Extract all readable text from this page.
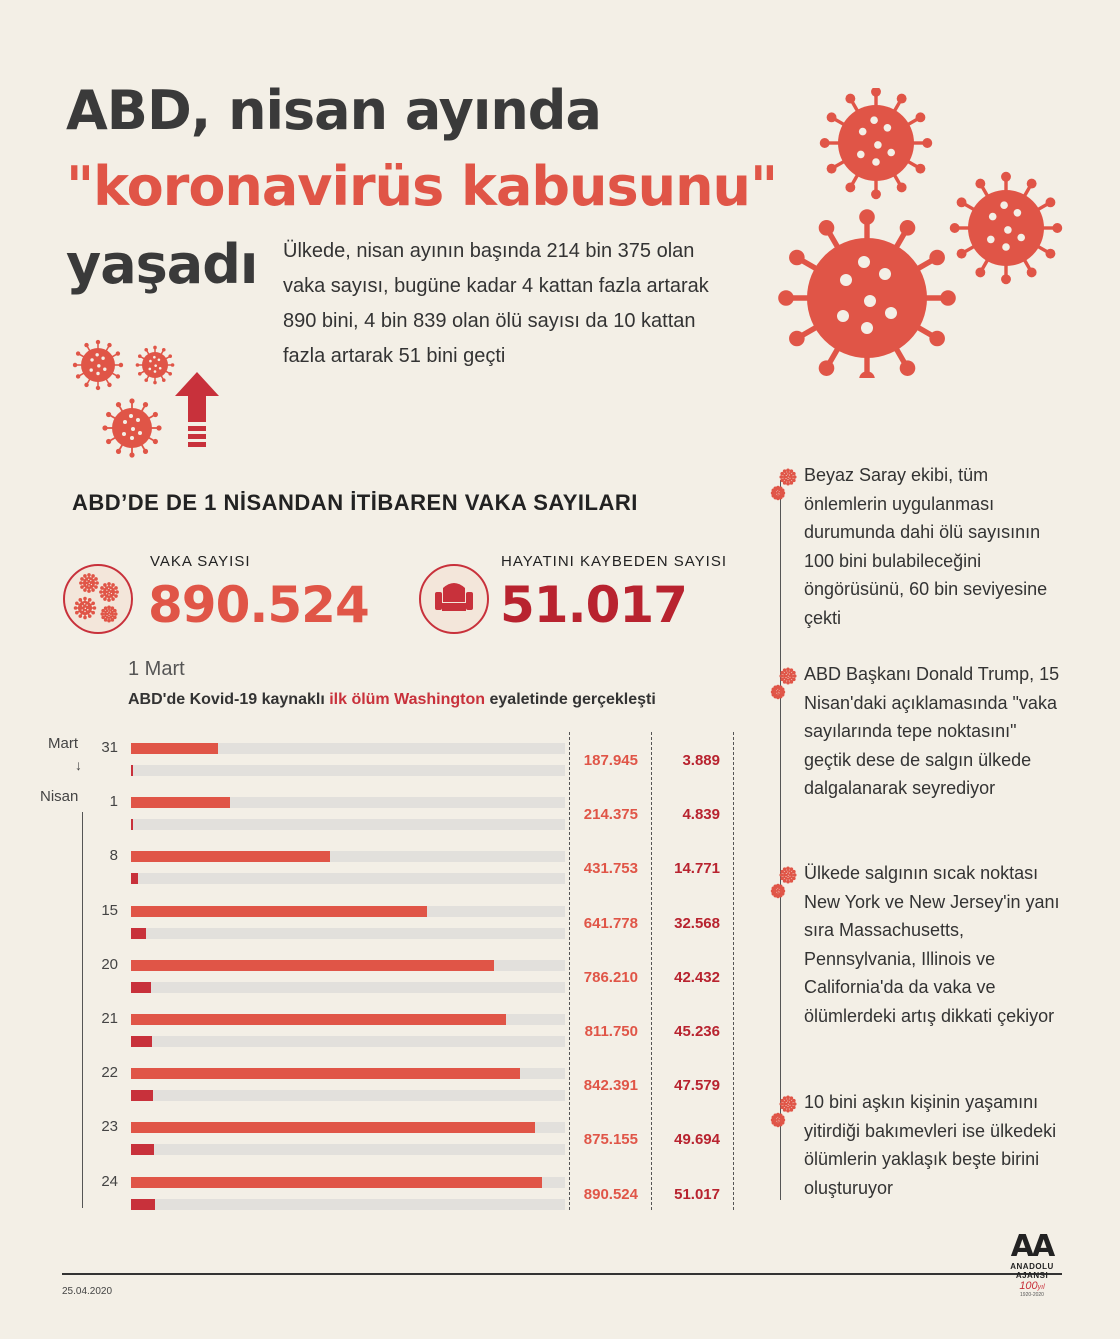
ABD, nisan ayında
"koronavirüs kabusunu"
yaşadı Ülkede, nisan ayının başında 214 bin 375 olan vaka sayısı, bugüne kadar 4 kattan fazla artarak 890 bini, 4 bin 839 olan ölü sayısı da 10 kattan fazla artarak 51 bini geçti
ABD’DE DE 1 NİSANDAN İTİBAREN VAKA SAYILARI
VAKA SAYISI
890.524
HAYATINI KAYBEDEN SAYISI
51.017
1 Mart
ABD'de Kovid-19 kaynaklı ilk ölüm Washington eyaletinde gerçekleşti
Mart
↓
Nisan
31
187.945	3.889
1
214.375	4.839
8
431.753	14.771
15
641.778	32.568
20
786.210	42.432
21
811.750	45.236
22
842.391	47.579
23
875.155	49.694
24
890.524	51.017
Beyaz Saray ekibi, tüm önlemlerin uygulanması durumunda dahi ölü sayısının 100 bini bulabileceğini öngörüsünü, 60 bin seviyesine çekti
ABD Başkanı Donald Trump, 15 Nisan'daki açıklamasında "vaka sayılarında tepe noktasını" geçtik dese de salgın ülkede dalgalanarak seyrediyor
Ülkede salgının sıcak noktası New York ve New Jersey'in yanı sıra Massachusetts, Pennsylvania, Illinois ve California'da da vaka ve ölümlerdeki artış dikkati çekiyor
10 bini aşkın kişinin yaşamını yitirdiği bakımevleri ise ülkedeki ölümlerin yaklaşık beşte birini oluşturuyor
25.04.2020
AA
ANADOLU AJANSI
100yıl
1920-2020
